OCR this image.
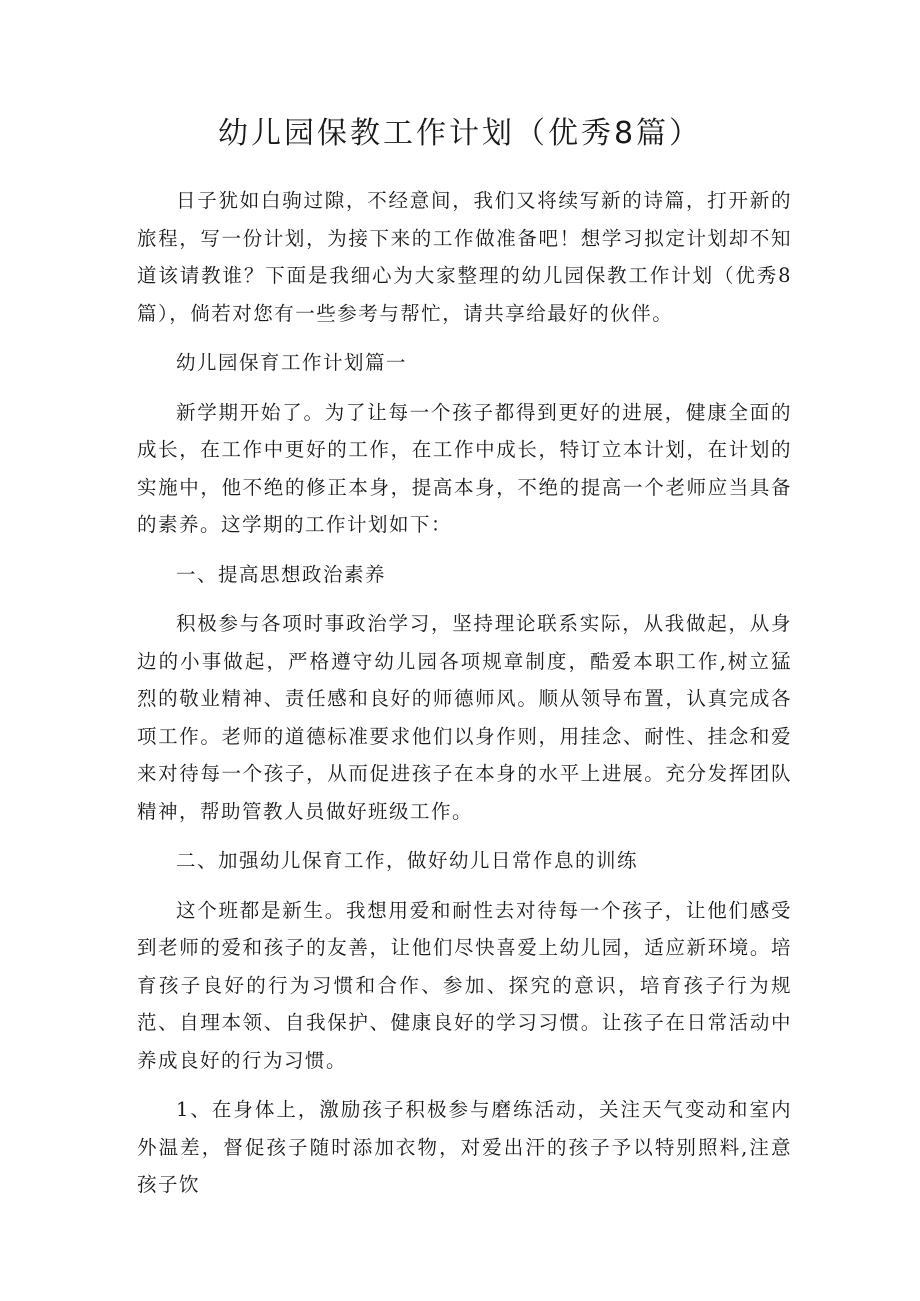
幼儿园保教工作计划（优秀8篇）

日子犹如白驹过隙，不经意间，我们又将续写新的诗篇，打开新的旅程，写一份计划，为接下来的工作做准备吧！想学习拟定计划却不知道该请教谁？下面是我细心为大家整理的幼儿园保教工作计划（优秀8篇），倘若对您有一些参考与帮忙，请共享给最好的伙伴。

幼儿园保育工作计划篇一

新学期开始了。为了让每一个孩子都得到更好的进展，健康全面的成长，在工作中更好的工作，在工作中成长，特订立本计划，在计划的实施中，他不绝的修正本身，提高本身，不绝的提高一个老师应当具备的素养。这学期的工作计划如下：

一、提高思想政治素养

积极参与各项时事政治学习，坚持理论联系实际，从我做起，从身边的小事做起，严格遵守幼儿园各项规章制度，酷爱本职工作,树立猛烈的敬业精神、责任感和良好的师德师风。顺从领导布置，认真完成各项工作。老师的道德标准要求他们以身作则，用挂念、耐性、挂念和爱来对待每一个孩子，从而促进孩子在本身的水平上进展。充分发挥团队精神，帮助管教人员做好班级工作。

二、加强幼儿保育工作，做好幼儿日常作息的训练

这个班都是新生。我想用爱和耐性去对待每一个孩子，让他们感受到老师的爱和孩子的友善，让他们尽快喜爱上幼儿园，适应新环境。培育孩子良好的行为习惯和合作、参加、探究的意识，培育孩子行为规范、自理本领、自我保护、健康良好的学习习惯。让孩子在日常活动中养成良好的行为习惯。

1、在身体上，激励孩子积极参与磨练活动，关注天气变动和室内外温差，督促孩子随时添加衣物，对爱出汗的孩子予以特别照料,注意孩子饮
